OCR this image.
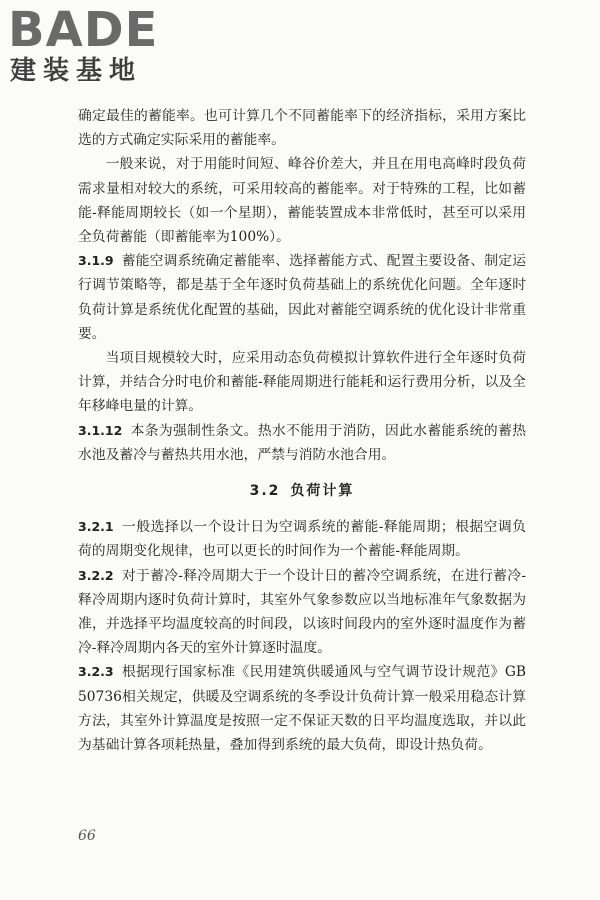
BADE
建装基地

确定最佳的蓄能率。也可计算几个不同蓄能率下的经济指标，采用方案比选的方式确定实际采用的蓄能率。

一般来说，对于用能时间短、峰谷价差大，并且在用电高峰时段负荷需求量相对较大的系统，可采用较高的蓄能率。对于特殊的工程，比如蓄能-释能周期较长（如一个星期），蓄能装置成本非常低时，甚至可以采用全负荷蓄能（即蓄能率为100%）。

3.1.9 蓄能空调系统确定蓄能率、选择蓄能方式、配置主要设备、制定运行调节策略等，都是基于全年逐时负荷基础上的系统优化问题。全年逐时负荷计算是系统优化配置的基础，因此对蓄能空调系统的优化设计非常重要。

当项目规模较大时，应采用动态负荷模拟计算软件进行全年逐时负荷计算，并结合分时电价和蓄能-释能周期进行能耗和运行费用分析，以及全年移峰电量的计算。

3.1.12 本条为强制性条文。热水不能用于消防，因此水蓄能系统的蓄热水池及蓄冷与蓄热共用水池，严禁与消防水池合用。

3.2 负荷计算

3.2.1 一般选择以一个设计日为空调系统的蓄能-释能周期；根据空调负荷的周期变化规律，也可以更长的时间作为一个蓄能-释能周期。

3.2.2 对于蓄冷-释冷周期大于一个设计日的蓄冷空调系统，在进行蓄冷-释冷周期内逐时负荷计算时，其室外气象参数应以当地标准年气象数据为准，并选择平均温度较高的时间段，以该时间段内的室外逐时温度作为蓄冷-释冷周期内各天的室外计算逐时温度。

3.2.3 根据现行国家标准《民用建筑供暖通风与空气调节设计规范》GB 50736相关规定，供暖及空调系统的冬季设计负荷计算一般采用稳态计算方法，其室外计算温度是按照一定不保证天数的日平均温度选取，并以此为基础计算各项耗热量，叠加得到系统的最大负荷，即设计热负荷。

66
